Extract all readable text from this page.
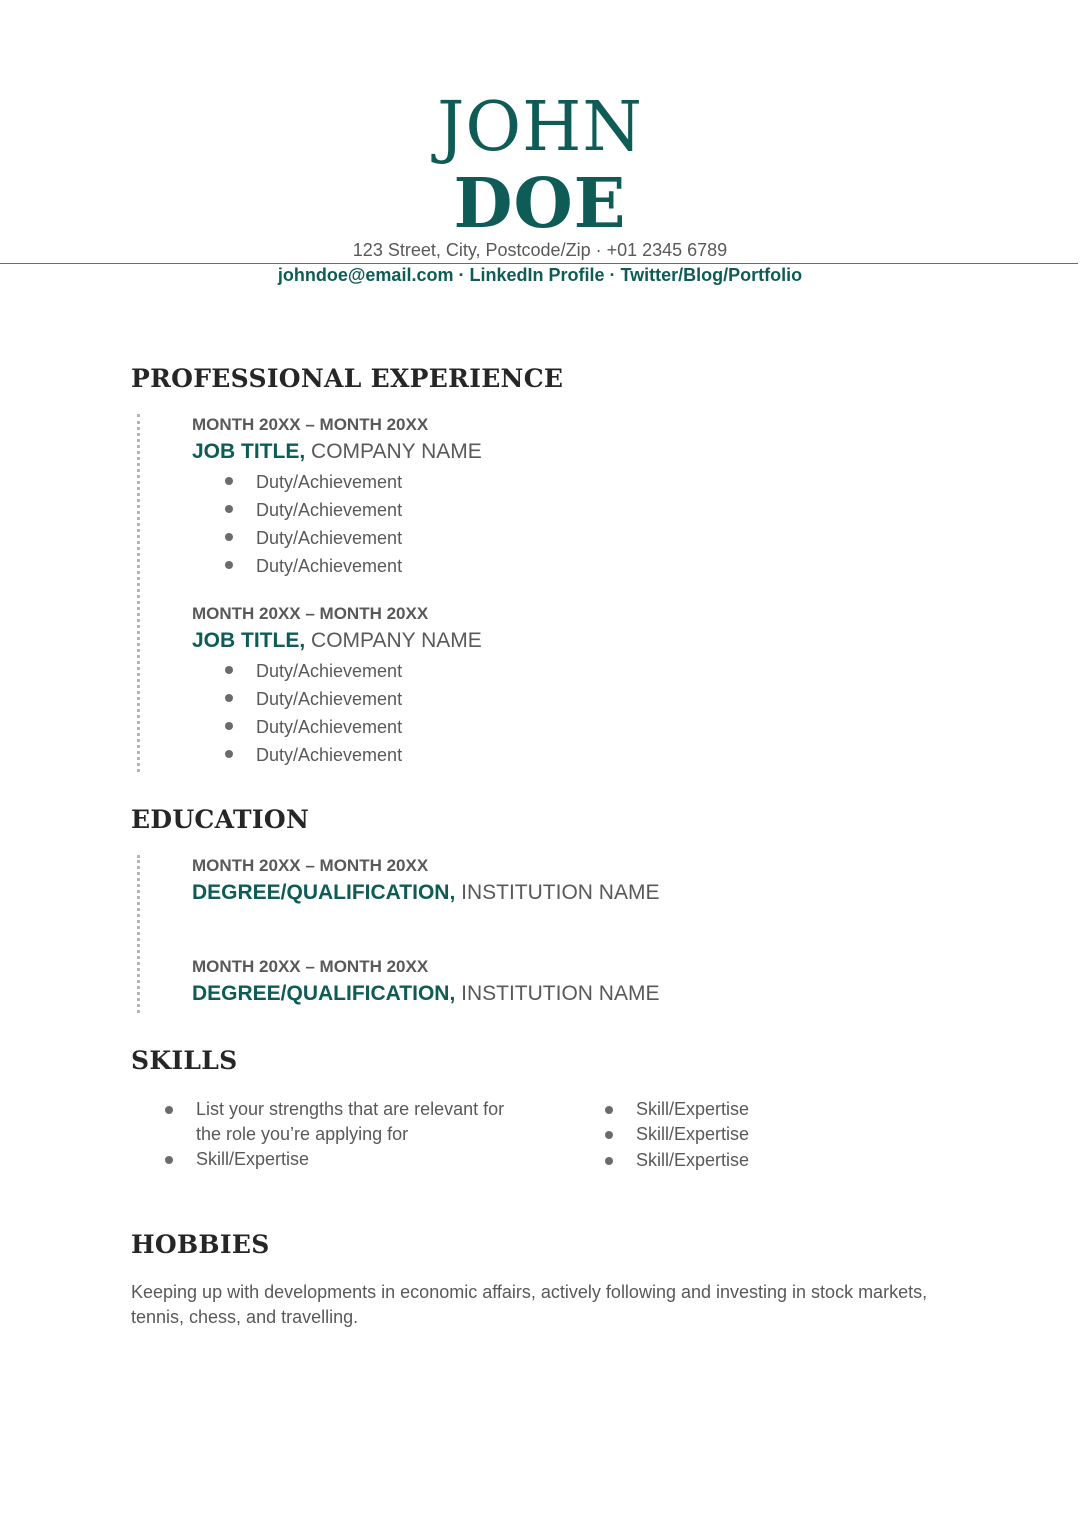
JOHN
DOE
123 Street, City, Postcode/Zip · +01 2345 6789
johndoe@email.com · LinkedIn Profile · Twitter/Blog/Portfolio
PROFESSIONAL EXPERIENCE
MONTH 20XX – MONTH 20XX
JOB TITLE, COMPANY NAME
Duty/Achievement
Duty/Achievement
Duty/Achievement
Duty/Achievement
MONTH 20XX – MONTH 20XX
JOB TITLE, COMPANY NAME
Duty/Achievement
Duty/Achievement
Duty/Achievement
Duty/Achievement
EDUCATION
MONTH 20XX – MONTH 20XX
DEGREE/QUALIFICATION, INSTITUTION NAME
MONTH 20XX – MONTH 20XX
DEGREE/QUALIFICATION, INSTITUTION NAME
SKILLS
List your strengths that are relevant for the role you’re applying for
Skill/Expertise
Skill/Expertise
Skill/Expertise
Skill/Expertise
HOBBIES

Keeping up with developments in economic affairs, actively following and investing in stock markets, tennis, chess, and travelling.
